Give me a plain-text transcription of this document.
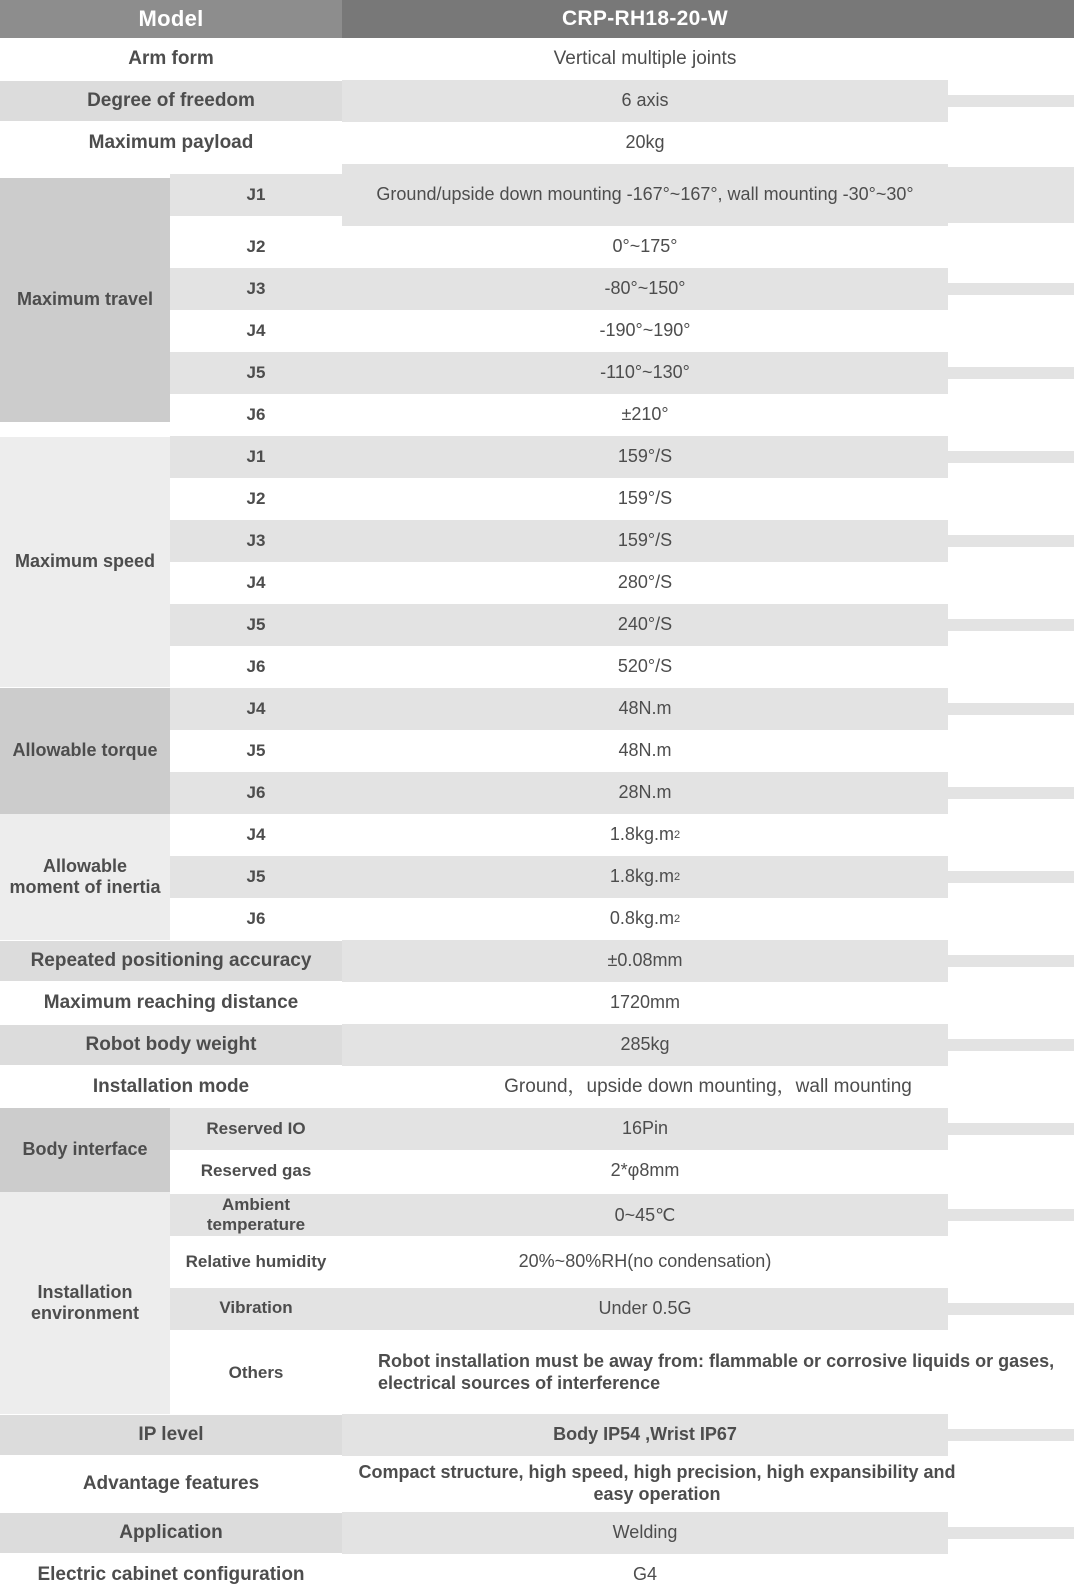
Model		CRP-RH18-20-W	

Arm form		Vertical multiple joints	

Degree of freedom		6 axis	

Maximum payload		20kg	

Maximum travel	J1	Ground/upside down mounting -167°~167°, wall mounting -30°~30°	

J2	0°~175°	

J3	-80°~150°	

J4	-190°~190°	

J5	-110°~130°	

J6	±210°	

Maximum speed	J1	159°/S	

J2	159°/S	

J3	159°/S	

J4	280°/S	

J5	240°/S	

J6	520°/S	

Allowable torque	J4	48N.m	

J5	48N.m	

J6	28N.m	

Allowable moment of inertia	J4	1.8kg.m 2	

J5	1.8kg.m 2	

J6	0.8kg.m 2	

Repeated positioning accuracy		±0.08mm	

Maximum reaching distance		1720mm	

Robot body weight		285kg	

Installation mode		Ground，upside down mounting，wall mounting	

Body interface	Reserved IO	16Pin	

Reserved gas	2*φ8mm	

Installation environment	Ambient temperature	0~45℃	

Relative humidity	20%~80%RH(no condensation)	

Vibration	Under 0.5G	

Others	Robot installation must be away from: flammable or corrosive liquids or gases, electrical sources of interference	

IP level		Body IP54 ,Wrist IP67	

Advantage features		Compact structure, high speed, high precision, high expansibility and easy operation	

Application		Welding	

Electric cabinet configuration		G4	
